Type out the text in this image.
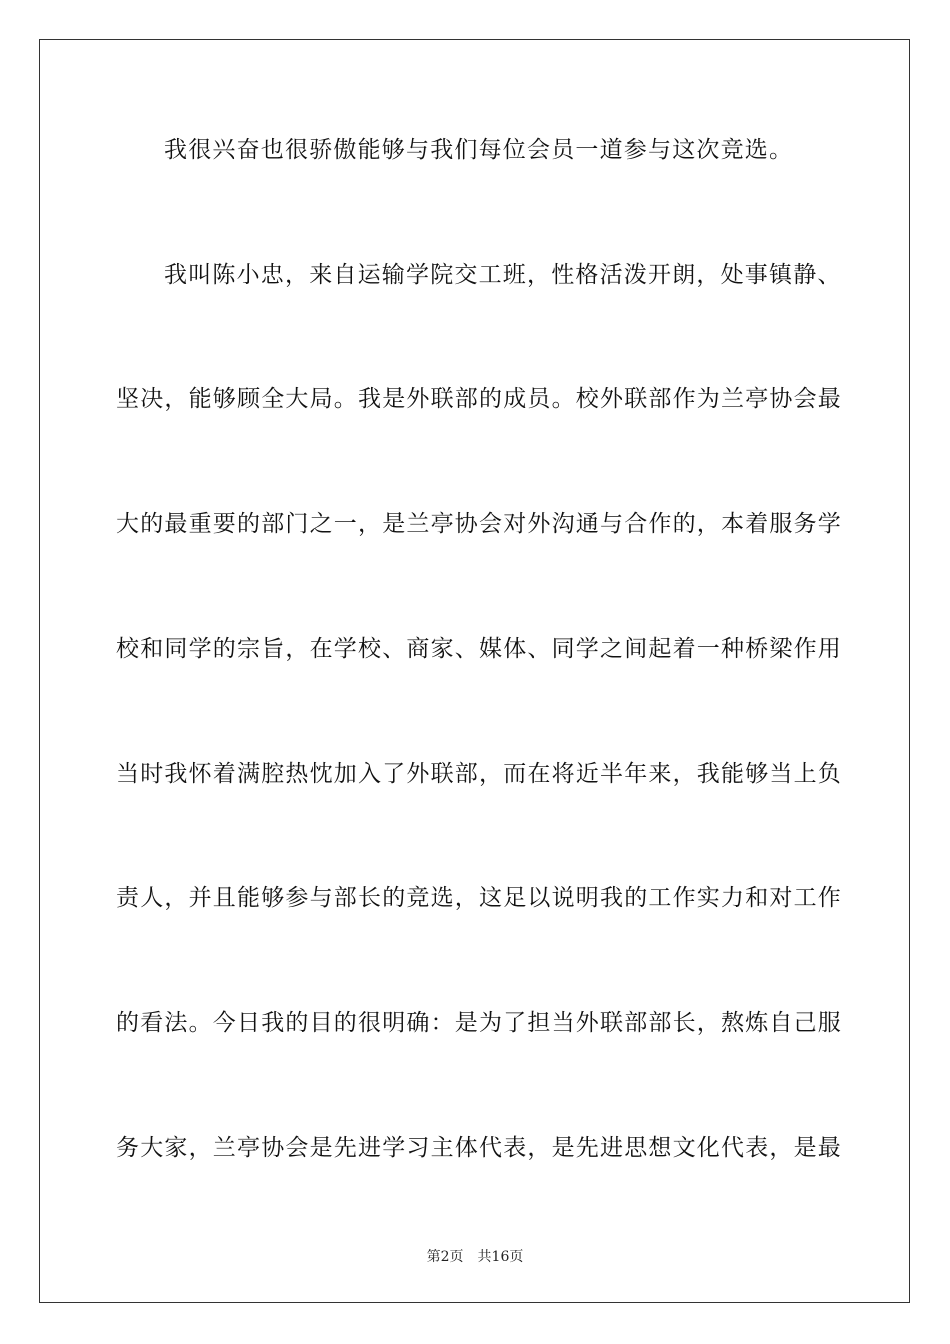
我很兴奋也很骄傲能够与我们每位会员一道参与这次竞选。
我叫陈小忠，来自运输学院交工班，性格活泼开朗，处事镇静、
坚决，能够顾全大局。我是外联部的成员。校外联部作为兰亭协会最
大的最重要的部门之一，是兰亭协会对外沟通与合作的，本着服务学
校和同学的宗旨，在学校、商家、媒体、同学之间起着一种桥梁作用
当时我怀着满腔热忱加入了外联部，而在将近半年来，我能够当上负
责人，并且能够参与部长的竞选，这足以说明我的工作实力和对工作
的看法。今日我的目的很明确：是为了担当外联部部长，熬炼自己服
务大家，兰亭协会是先进学习主体代表，是先进思想文化代表，是最
第2页 共16页
